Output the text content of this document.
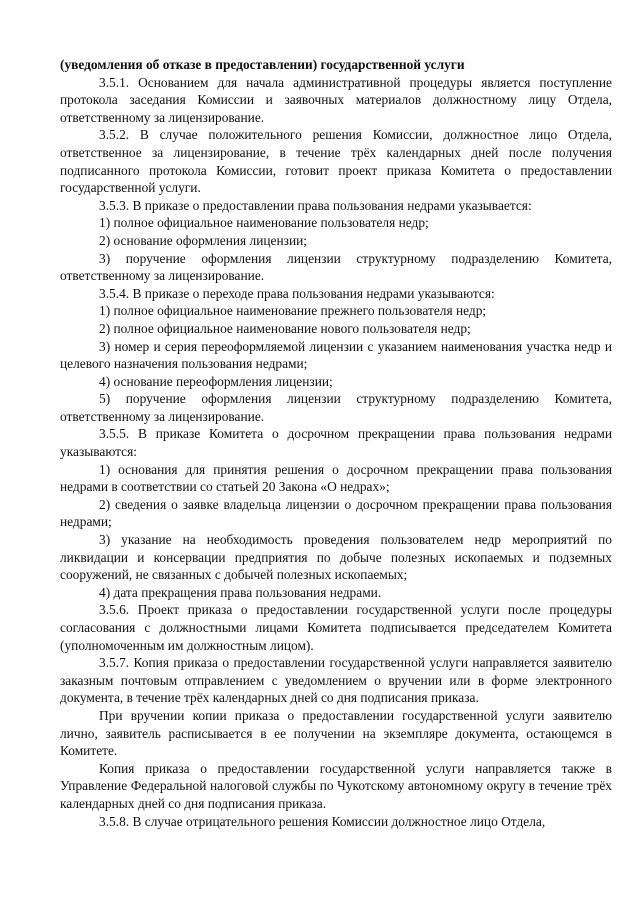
(уведомления об отказе в предоставлении) государственной услуги

3.5.1. Основанием для начала административной процедуры является поступление протокола заседания Комиссии и заявочных материалов должностному лицу Отдела, ответственному за лицензирование.

3.5.2. В случае положительного решения Комиссии, должностное лицо Отдела, ответственное за лицензирование, в течение трёх календарных дней после получения подписанного протокола Комиссии, готовит проект приказа Комитета о предоставлении государственной услуги.

3.5.3. В приказе о предоставлении права пользования недрами указывается:

1) полное официальное наименование пользователя недр;

2) основание оформления лицензии;

3) поручение оформления лицензии структурному подразделению Комитета, ответственному за лицензирование.

3.5.4. В приказе о переходе права пользования недрами указываются:

1) полное официальное наименование прежнего пользователя недр;

2) полное официальное наименование нового пользователя недр;

3) номер и серия переоформляемой лицензии с указанием наименования участка недр и целевого назначения пользования недрами;

4) основание переоформления лицензии;

5) поручение оформления лицензии структурному подразделению Комитета, ответственному за лицензирование.

3.5.5. В приказе Комитета о досрочном прекращении права пользования недрами указываются:

1) основания для принятия решения о досрочном прекращении права пользования недрами в соответствии со статьей 20 Закона «О недрах»;

2) сведения о заявке владельца лицензии о досрочном прекращении права пользования недрами;

3) указание на необходимость проведения пользователем недр мероприятий по ликвидации и консервации предприятия по добыче полезных ископаемых и подземных сооружений, не связанных с добычей полезных ископаемых;

4) дата прекращения права пользования недрами.

3.5.6. Проект приказа о предоставлении государственной услуги после процедуры согласования с должностными лицами Комитета подписывается председателем Комитета (уполномоченным им должностным лицом).

3.5.7. Копия приказа о предоставлении государственной услуги направляется заявителю заказным почтовым отправлением с уведомлением о вручении или в форме электронного документа, в течение трёх календарных дней со дня подписания приказа.

При вручении копии приказа о предоставлении государственной услуги заявителю лично, заявитель расписывается в ее получении на экземпляре документа, остающемся в Комитете.

Копия приказа о предоставлении государственной услуги направляется также в Управление Федеральной налоговой службы по Чукотскому автономному округу в течение трёх календарных дней со дня подписания приказа.

3.5.8. В случае отрицательного решения Комиссии должностное лицо Отдела,
